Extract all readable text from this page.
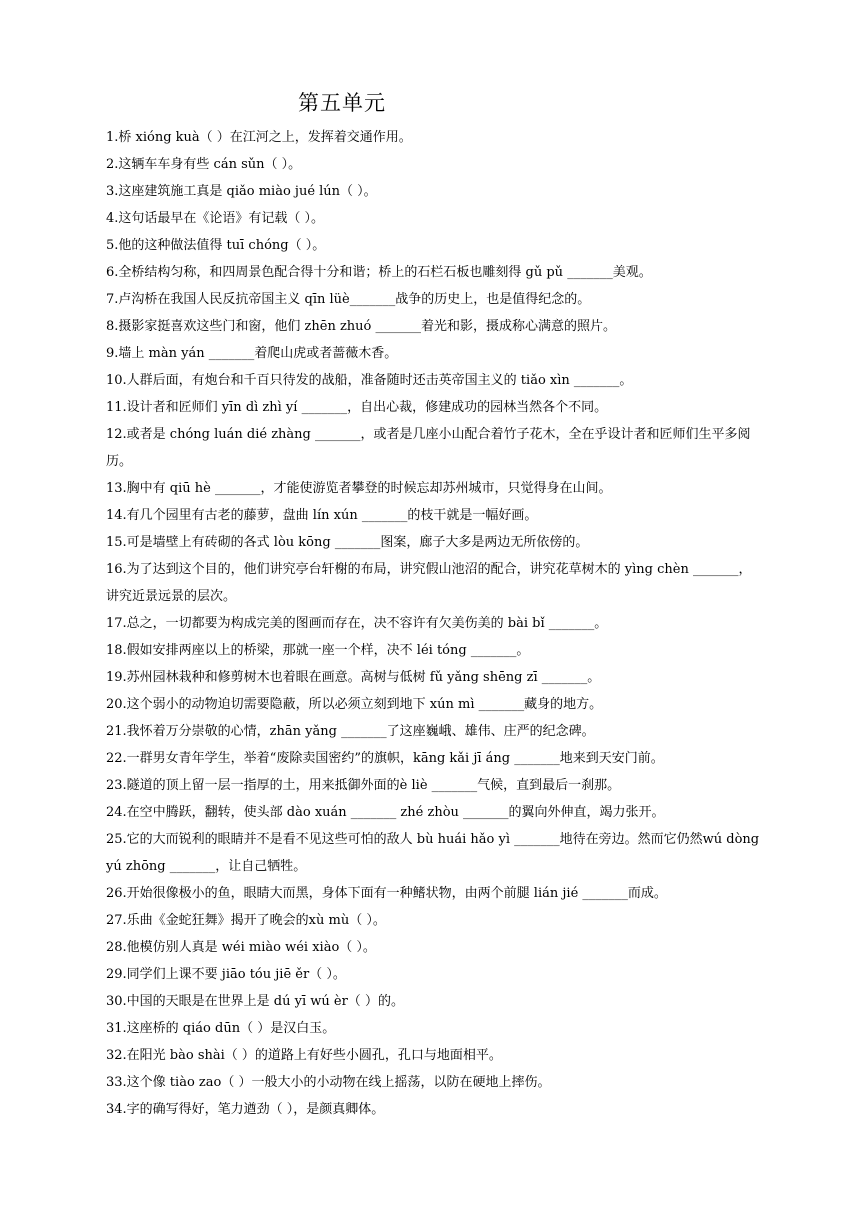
第五单元
1.桥 xióng kuà（ ）在江河之上，发挥着交通作用。
2.这辆车车身有些 cán sǔn（ ）。
3.这座建筑施工真是 qiǎo miào jué lún（ ）。
4.这句话最早在《论语》有记载（ ）。
5.他的这种做法值得 tuī chóng（ ）。
6.全桥结构匀称，和四周景色配合得十分和谐；桥上的石栏石板也雕刻得 gǔ pǔ _______美观。
7.卢沟桥在我国人民反抗帝国主义 qīn lüè_______战争的历史上，也是值得纪念的。
8.摄影家挺喜欢这些门和窗，他们 zhēn zhuó _______着光和影，摄成称心满意的照片。
9.墙上 màn yán _______着爬山虎或者蔷薇木香。
10.人群后面，有炮台和千百只待发的战船，准备随时还击英帝国主义的 tiǎo xìn _______。
11.设计者和匠师们 yīn dì zhì yí _______，自出心裁，修建成功的园林当然各个不同。
12.或者是 chóng luán dié zhàng _______，或者是几座小山配合着竹子花木，全在乎设计者和匠师们生平多阅历。
13.胸中有 qiū hè _______，才能使游览者攀登的时候忘却苏州城市，只觉得身在山间。
14.有几个园里有古老的藤萝，盘曲 lín xún _______的枝干就是一幅好画。
15.可是墙壁上有砖砌的各式 lòu kōng _______图案，廊子大多是两边无所依傍的。
16.为了达到这个目的，他们讲究亭台轩榭的布局，讲究假山池沼的配合，讲究花草树木的 yìng chèn _______，讲究近景远景的层次。
17.总之，一切都要为构成完美的图画而存在，决不容许有欠美伤美的 bài bǐ _______。
18.假如安排两座以上的桥梁，那就一座一个样，决不 léi tóng _______。
19.苏州园林栽种和修剪树木也着眼在画意。高树与低树 fǔ yǎng shēng zī _______。
20.这个弱小的动物迫切需要隐蔽，所以必须立刻到地下 xún mì _______藏身的地方。
21.我怀着万分崇敬的心情，zhān yǎng _______了这座巍峨、雄伟、庄严的纪念碑。
22.一群男女青年学生，举着“废除卖国密约”的旗帜，kāng kǎi jī áng _______地来到天安门前。
23.隧道的顶上留一层一指厚的土，用来抵御外面的è liè _______气候，直到最后一刹那。
24.在空中腾跃，翻转，使头部 dào xuán _______ zhé zhòu _______的翼向外伸直，竭力张开。
25.它的大而锐利的眼睛并不是看不见这些可怕的敌人 bù huái hǎo yì _______地待在旁边。然而它仍然wú dòng yú zhōng _______，让自己牺牲。
26.开始很像极小的鱼，眼睛大而黑，身体下面有一种鳍状物，由两个前腿 lián jié _______而成。
27.乐曲《金蛇狂舞》揭开了晚会的xù mù（ ）。
28.他模仿别人真是 wéi miào wéi xiào（ ）。
29.同学们上课不要 jiāo tóu jiē ěr（ ）。
30.中国的天眼是在世界上是 dú yī wú èr（ ）的。
31.这座桥的 qiáo dūn（ ）是汉白玉。
32.在阳光 bào shài（ ）的道路上有好些小圆孔，孔口与地面相平。
33.这个像 tiào zao（ ）一般大小的小动物在线上摇荡，以防在硬地上摔伤。
34.字的确写得好，笔力遒劲（ ），是颜真卿体。
